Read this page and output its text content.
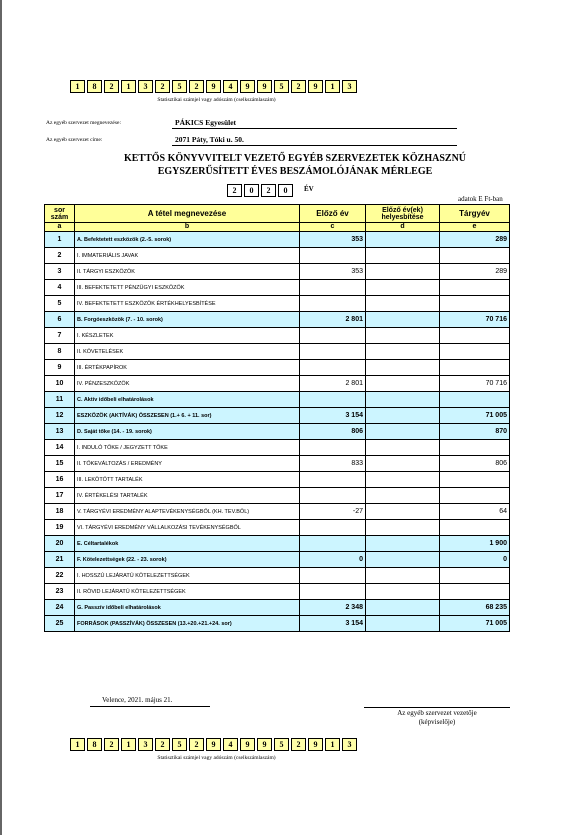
1	8	2	1	3	2	5	2	9	4	9	9	5	2	9	1	3
Statisztikai számjel vagy adószám (cselkszámlaszám)
Az egyéb szervezet megnevezése:	PÁKICS Egyesület
Az egyéb szervezet címe:	2071 Páty, Tóki u. 50.
KETTŐS KÖNYVVITELT VEZETŐ EGYÉB SZERVEZETEK KÖZHASZNÚ
EGYSZERŰSÍTETT ÉVES BESZÁMOLÓJÁNAK MÉRLEGE
2	0	2	0	ÉV
adatok E Ft-ban
sor szám	A tétel megnevezése	Előző év	Előző év(ek) helyesbítése	Tárgyév
a	b	c	d	e
1	A. Befektetett eszközök (2.-5. sorok)	353		289
2	I. IMMATERIÁLIS JAVAK			
3	II. TÁRGYI ESZKÖZÖK	353		289
4	III. BEFEKTETETT PÉNZÜGYI ESZKÖZÖK			
5	IV. BEFEKTETETT ESZKÖZÖK ÉRTÉKHELYESBÍTÉSE			
6	B. Forgóeszközök (7. - 10. sorok)	2 801		70 716
7	I. KÉSZLETEK			
8	II. KÖVETELÉSEK			
9	III. ÉRTÉKPAPÍROK			
10	IV. PÉNZESZKÖZÖK	2 801		70 716
11	C. Aktív időbeli elhatárolások			
12	ESZKÖZÖK (AKTÍVÁK) ÖSSZESEN (1.+ 6. + 11. sor)	3 154		71 005
13	D. Saját tőke (14. - 19. sorok)	806		870
14	I. INDULÓ TŐKE / JEGYZETT TŐKE			
15	II. TŐKEVÁLTOZÁS / EREDMÉNY	833		806
16	III. LEKÖTÖTT TARTALÉK			
17	IV. ÉRTÉKELÉSI TARTALÉK			
18	V. TÁRGYÉVI EREDMÉNY ALAPTEVÉKENYSÉGBŐL (KH. TEV.BŐL)	-27		64
19	VI. TÁRGYÉVI EREDMÉNY VÁLLALKOZÁSI TEVÉKENYSÉGBŐL			
20	E. Céltartalékok			1 900
21	F. Kötelezettségek (22. - 23. sorok)	0		0
22	I. HOSSZÚ LEJÁRATÚ KÖTELEZETTSÉGEK			
23	II. RÖVID LEJÁRATÚ KÖTELEZETTSÉGEK			
24	G. Passzív időbeli elhatárolások	2 348		68 235
25	FORRÁSOK (PASSZÍVÁK) ÖSSZESEN (13.+20.+21.+24. sor)	3 154		71 005
Velence, 2021. május 21.
Az egyéb szervezet vezetője
(képviselője)
1	8	2	1	3	2	5	2	9	4	9	9	5	2	9	1	3
Statisztikai számjel vagy adószám (cselkszámlaszám)
